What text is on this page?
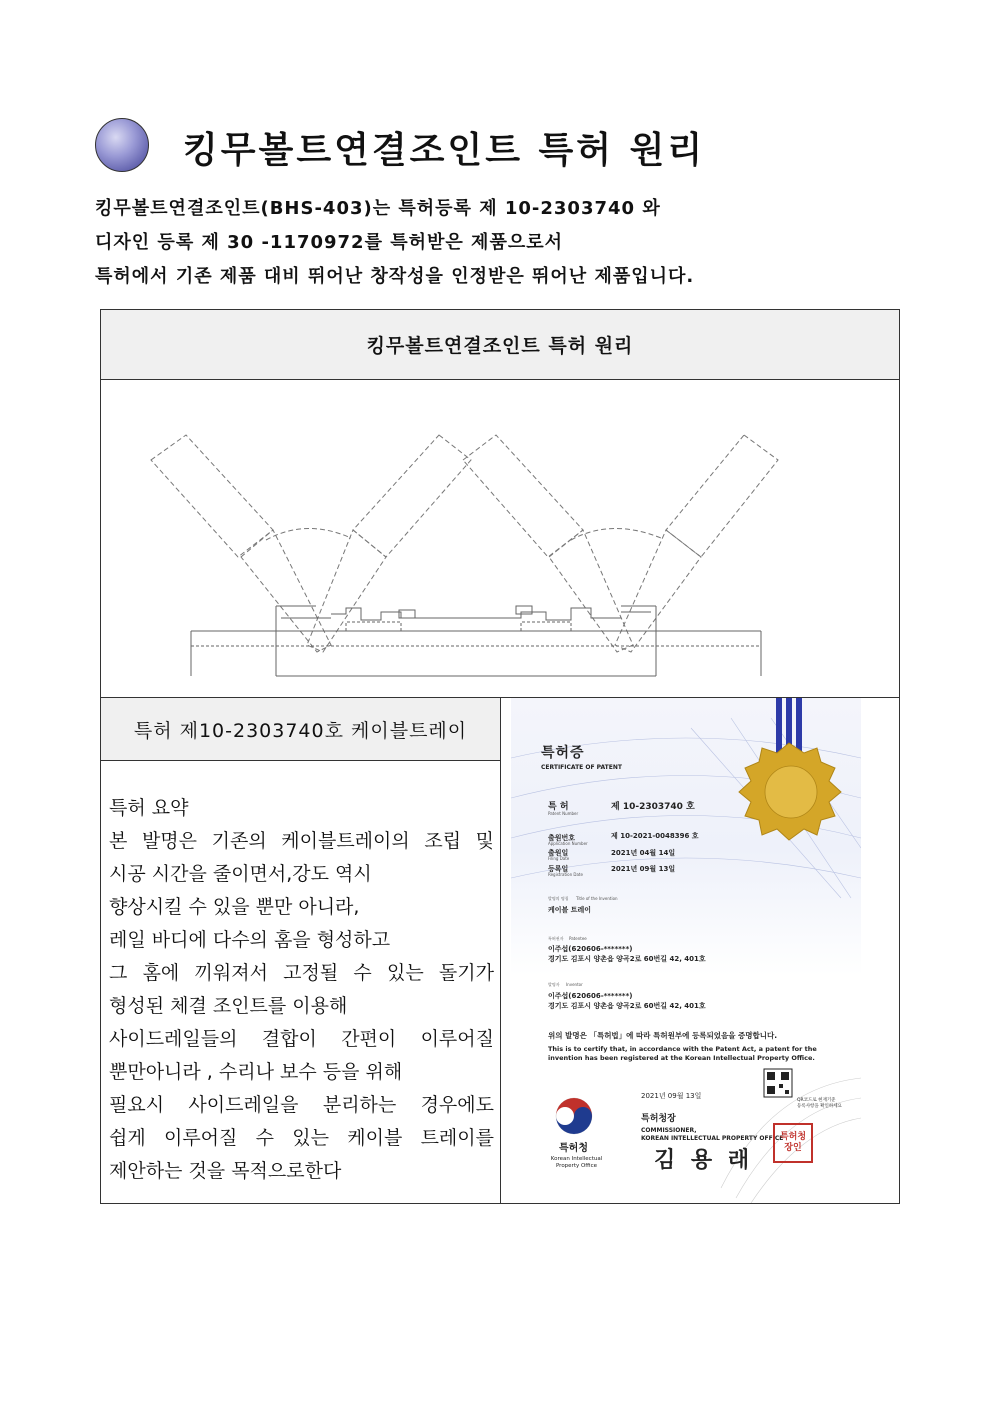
킹무볼트연결조인트 특허 원리

킹무볼트연결조인트(BHS-403)는 특허등록 제 10-2303740 와

디자인 등록 제 30 -1170972를 특허받은 제품으로서

특허에서 기존 제품 대비 뛰어난 창작성을 인정받은 뛰어난 제품입니다.

킹무볼트연결조인트 특허 원리
특허 제10-2303740호 케이블트레이
특허 요약
본 발명은 기존의 케이블트레이의 조립 및
시공 시간을 줄이면서,강도 역시
향상시킬 수 있을 뿐만 아니라,
레일 바디에 다수의 홈을 형성하고
그 홈에 끼워져서 고정될 수 있는 돌기가
형성된 체결 조인트를 이용해
사이드레일들의 결합이 간편이 이루어질
뿐만아니라 , 수리나 보수 등을 위해
필요시 사이드레일을 분리하는 경우에도
쉽게 이루어질 수 있는 케이블 트레이를
제안하는 것을 목적으로한다
특허증
CERTIFICATE OF PATENT
특 허
Patent Number
제 10-2303740 호
출원번호
Application Number
제 10-2021-0048396 호
출원일
Filing Date
2021년 04월 14일
등록일
Registration Date
2021년 09월 13일
발명의 명칭 Title of the Invention
케이블 트레이
특허권자 Patentee
이주섭(620606-*******)
경기도 김포시 양촌읍 양곡2로 60번길 42, 401호
발명자 Inventor
이주섭(620606-*******)
경기도 김포시 양촌읍 양곡2로 60번길 42, 401호
위의 발명은 「특허법」에 따라 특허원부에 등록되었음을 증명합니다.
This is to certify that, in accordance with the Patent Act, a patent for the
invention has been registered at the Korean Intellectual Property Office.
2021년 09월 13일
특허청장
COMMISSIONER,
KOREAN INTELLECTUAL PROPERTY OFFICE
김 용 래
특허청
Korean Intellectual
Property Office
QR코드로 현재기준
등록사항을 확인하세요
특허청
장인
